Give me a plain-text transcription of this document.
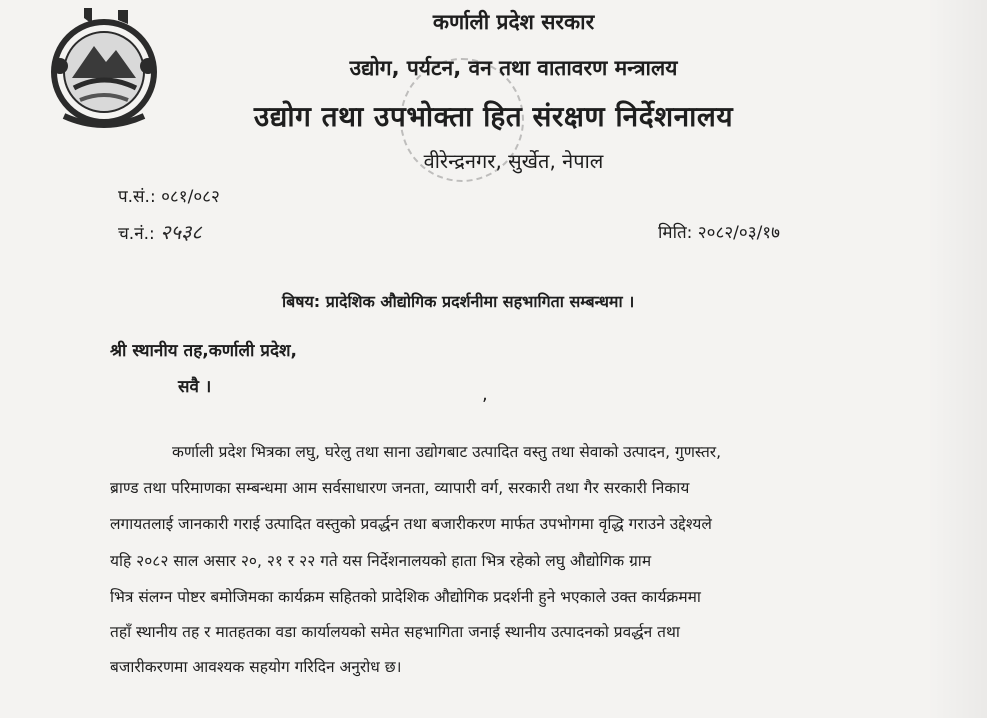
कर्णाली प्रदेश सरकार
उद्योग, पर्यटन, वन तथा वातावरण मन्त्रालय
उद्योग तथा उपभोक्ता हित संरक्षण निर्देशनालय
वीरेन्द्रनगर, सुर्खेत, नेपाल
प.सं.: ०८१/०८२
च.नं.: २५३८	मिति: २०८२/०३/१७
बिषय: प्रादेशिक औद्योगिक प्रदर्शनीमा सहभागिता सम्बन्धमा ।
श्री स्थानीय तह,कर्णाली प्रदेश,
सवै ।	,
कर्णाली प्रदेश भित्रका लघु, घरेलु तथा साना उद्योगबाट उत्पादित वस्तु तथा सेवाको उत्पादन, गुणस्तर,
ब्राण्ड तथा परिमाणका सम्बन्धमा आम सर्वसाधारण जनता, व्यापारी वर्ग, सरकारी तथा गैर सरकारी निकाय
लगायतलाई जानकारी गराई उत्पादित वस्तुको प्रवर्द्धन तथा बजारीकरण मार्फत उपभोगमा वृद्धि गराउने उद्देश्यले
यहि २०८२ साल असार २०, २१ र २२ गते यस निर्देशनालयको हाता भित्र रहेको लघु औद्योगिक ग्राम
भित्र संलग्न पोष्टर बमोजिमका कार्यक्रम सहितको प्रादेशिक औद्योगिक प्रदर्शनी हुने भएकाले उक्त कार्यक्रममा
तहाँ स्थानीय तह र मातहतका वडा कार्यालयको समेत सहभागिता जनाई स्थानीय उत्पादनको प्रवर्द्धन तथा
बजारीकरणमा आवश्यक सहयोग गरिदिन अनुरोध छ।
